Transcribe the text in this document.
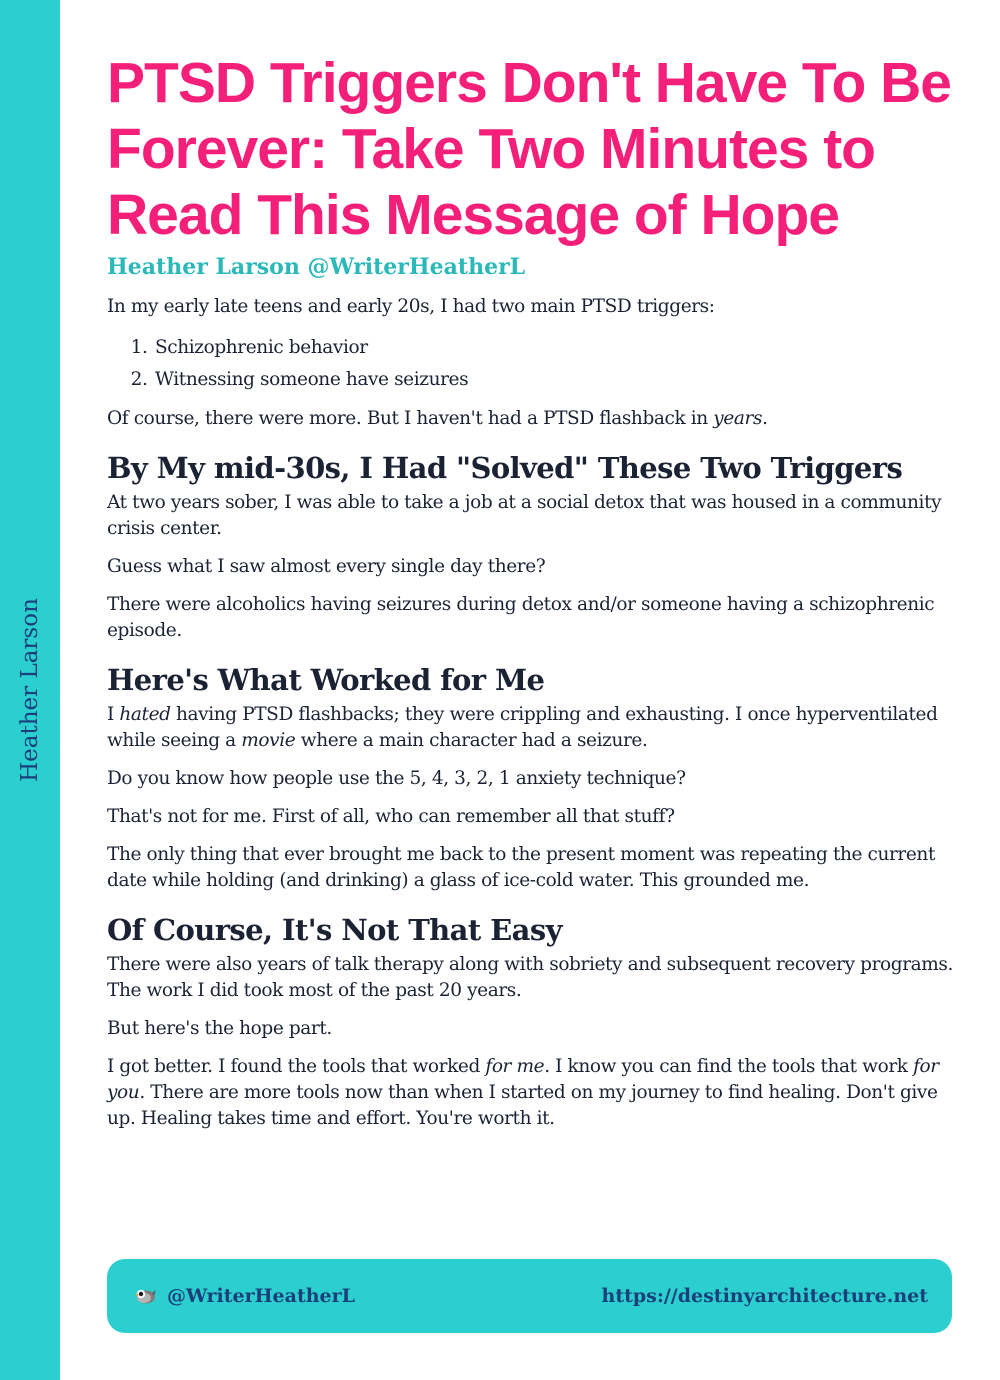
Heather Larson
PTSD Triggers Don't Have To Be Forever: Take Two Minutes to Read This Message of Hope
Heather Larson @WriterHeatherL

In my early late teens and early 20s, I had two main PTSD triggers:

1. Schizophrenic behavior
2. Witnessing someone have seizures

Of course, there were more. But I haven't had a PTSD flashback in years.

By My mid-30s, I Had "Solved" These Two Triggers

At two years sober, I was able to take a job at a social detox that was housed in a community crisis center.

Guess what I saw almost every single day there?

There were alcoholics having seizures during detox and/or someone having a schizophrenic episode.

Here's What Worked for Me

I hated having PTSD flashbacks; they were crippling and exhausting. I once hyperventilated while seeing a movie where a main character had a seizure.

Do you know how people use the 5, 4, 3, 2, 1 anxiety technique?

That's not for me. First of all, who can remember all that stuff?

The only thing that ever brought me back to the present moment was repeating the current date while holding (and drinking) a glass of ice-cold water. This grounded me.

Of Course, It's Not That Easy

There were also years of talk therapy along with sobriety and subsequent recovery programs. The work I did took most of the past 20 years.

But here's the hope part.

I got better. I found the tools that worked for me. I know you can find the tools that work for you. There are more tools now than when I started on my journey to find healing. Don't give up. Healing takes time and effort. You're worth it.

@WriterHeatherL	https://destinyarchitecture.net
